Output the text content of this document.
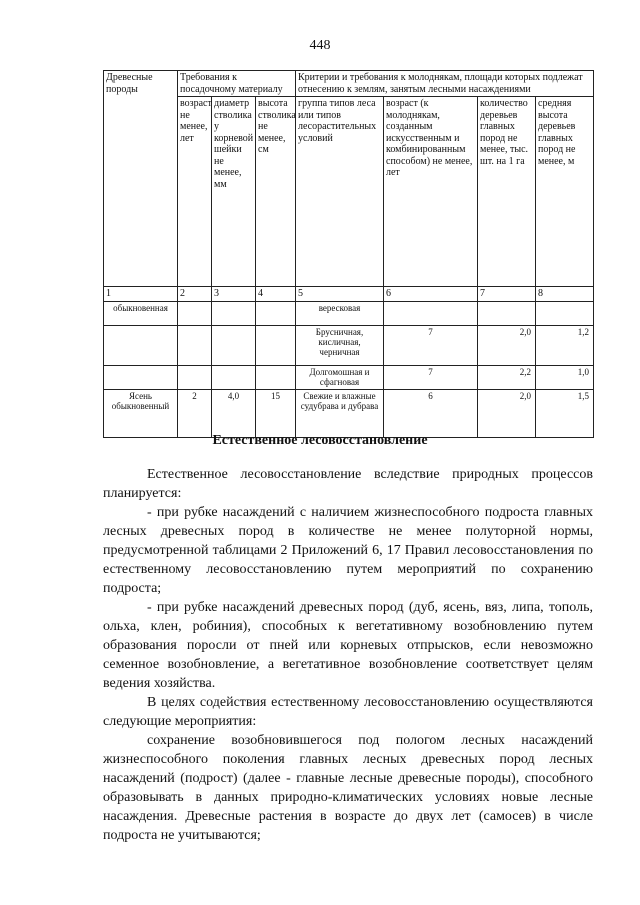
448
Древесные породы	Требования к посадочному материалу			Критерии и требования к молоднякам, площади которых подлежат отнесению к землям, занятым лесными насаждениями			
	возраст не менее, лет	диаметр стволика у корневой шейки не менее, мм	высота стволика не менее, см	группа типов леса или типов лесорастительных условий	возраст (к молоднякам, созданным искусственным и комбинированным способом) не менее, лет	количество деревьев главных пород не менее, тыс. шт. на 1 га	средняя высота деревьев главных пород не менее, м
1	2	3	4	5	6	7	8
обыкновенная				вересковая			
				Брусничная, кисличная, черничная	7	2,0	1,2
				Долгомошная и сфагновая	7	2,2	1,0
Ясень обыкновенный	2	4,0	15	Свежие и влажные судубрава и дубрава	6	2,0	1,5
Естественное лесовосстановление

Естественное лесовосстановление вследствие природных процессов планируется:

- при рубке насаждений с наличием жизнеспособного подроста главных лесных древесных пород в количестве не менее полуторной нормы, предусмотренной таблицами 2 Приложений 6, 17 Правил лесовосстановления по естественному лесовосстановлению путем мероприятий по сохранению подроста;

- при рубке насаждений древесных пород (дуб, ясень, вяз, липа, тополь, ольха, клен, робиния), способных к вегетативному возобновлению путем образования поросли от пней или корневых отпрысков, если невозможно семенное возобновление, а вегетативное возобновление соответствует целям ведения хозяйства.

В целях содействия естественному лесовосстановлению осуществляются следующие мероприятия:

сохранение возобновившегося под пологом лесных насаждений жизнеспособного поколения главных лесных древесных пород лесных насаждений (подрост) (далее - главные лесные древесные породы), способного образовывать в данных природно-климатических условиях новые лесные насаждения. Древесные растения в возрасте до двух лет (самосев) в числе подроста не учитываются;
